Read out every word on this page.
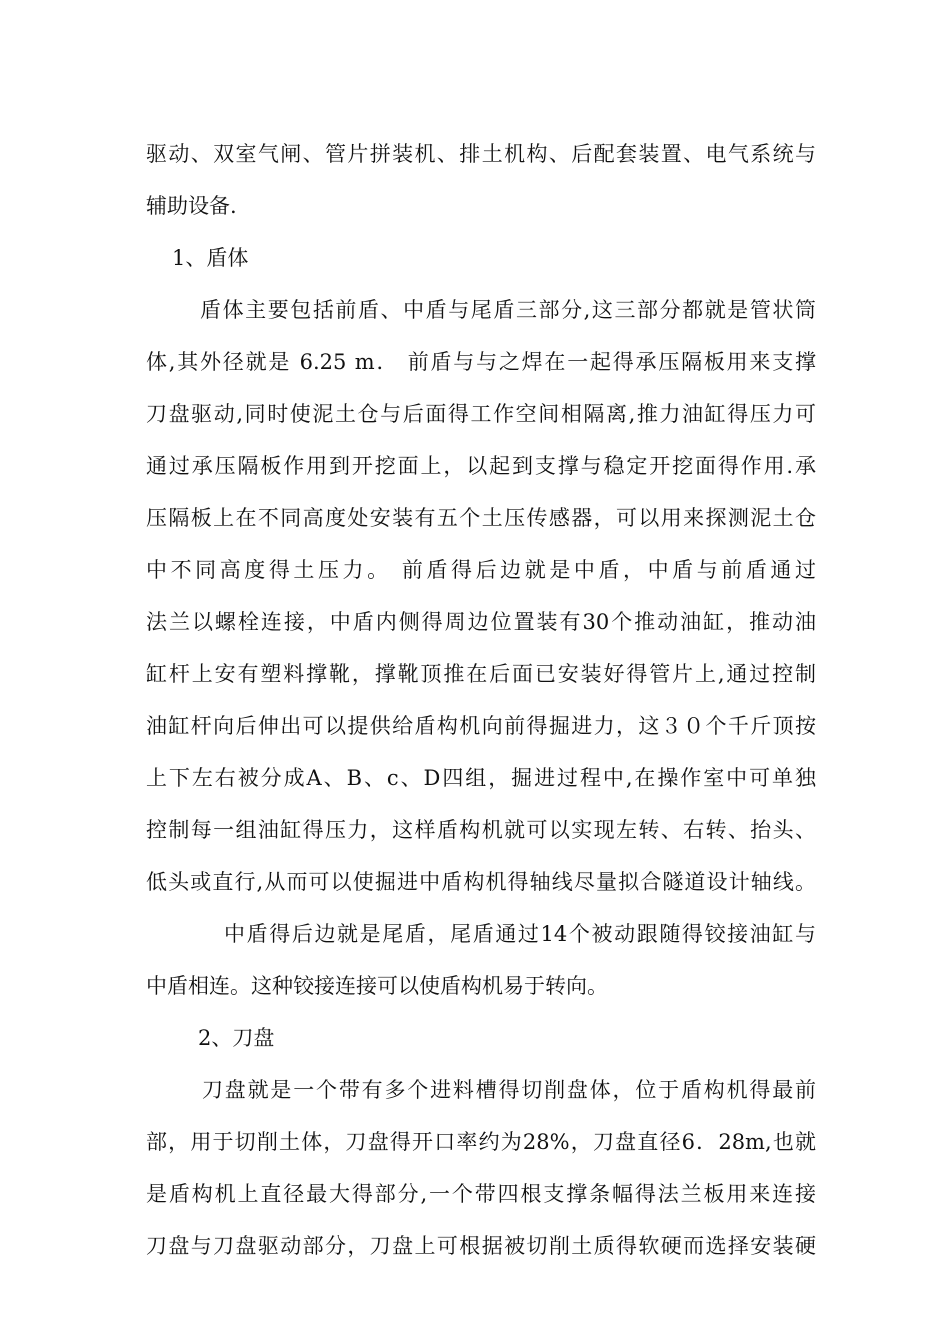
驱动、双室气闸、管片拼装机、排土机构、后配套装置、电气系统与
辅助设备.
1、盾体
盾体主要包括前盾、中盾与尾盾三部分,这三部分都就是管状筒
体,其外径就是 6.25 m． 前盾与与之焊在一起得承压隔板用来支撑
刀盘驱动,同时使泥土仓与后面得工作空间相隔离,推力油缸得压力可
通过承压隔板作用到开挖面上，以起到支撑与稳定开挖面得作用.承
压隔板上在不同高度处安装有五个土压传感器，可以用来探测泥土仓
中不同高度得土压力。 前盾得后边就是中盾，中盾与前盾通过
法兰以螺栓连接，中盾内侧得周边位置装有30个推动油缸，推动油
缸杆上安有塑料撑靴，撑靴顶推在后面已安装好得管片上,通过控制
油缸杆向后伸出可以提供给盾构机向前得掘进力，这３０个千斤顶按
上下左右被分成A、B、c、D四组，掘进过程中,在操作室中可单独
控制每一组油缸得压力，这样盾构机就可以实现左转、右转、抬头、
低头或直行,从而可以使掘进中盾构机得轴线尽量拟合隧道设计轴线。
中盾得后边就是尾盾，尾盾通过14个被动跟随得铰接油缸与
中盾相连。这种铰接连接可以使盾构机易于转向。
2、刀盘
刀盘就是一个带有多个进料槽得切削盘体，位于盾构机得最前
部，用于切削土体，刀盘得开口率约为28%，刀盘直径6．28m,也就
是盾构机上直径最大得部分,一个带四根支撑条幅得法兰板用来连接
刀盘与刀盘驱动部分，刀盘上可根据被切削土质得软硬而选择安装硬
